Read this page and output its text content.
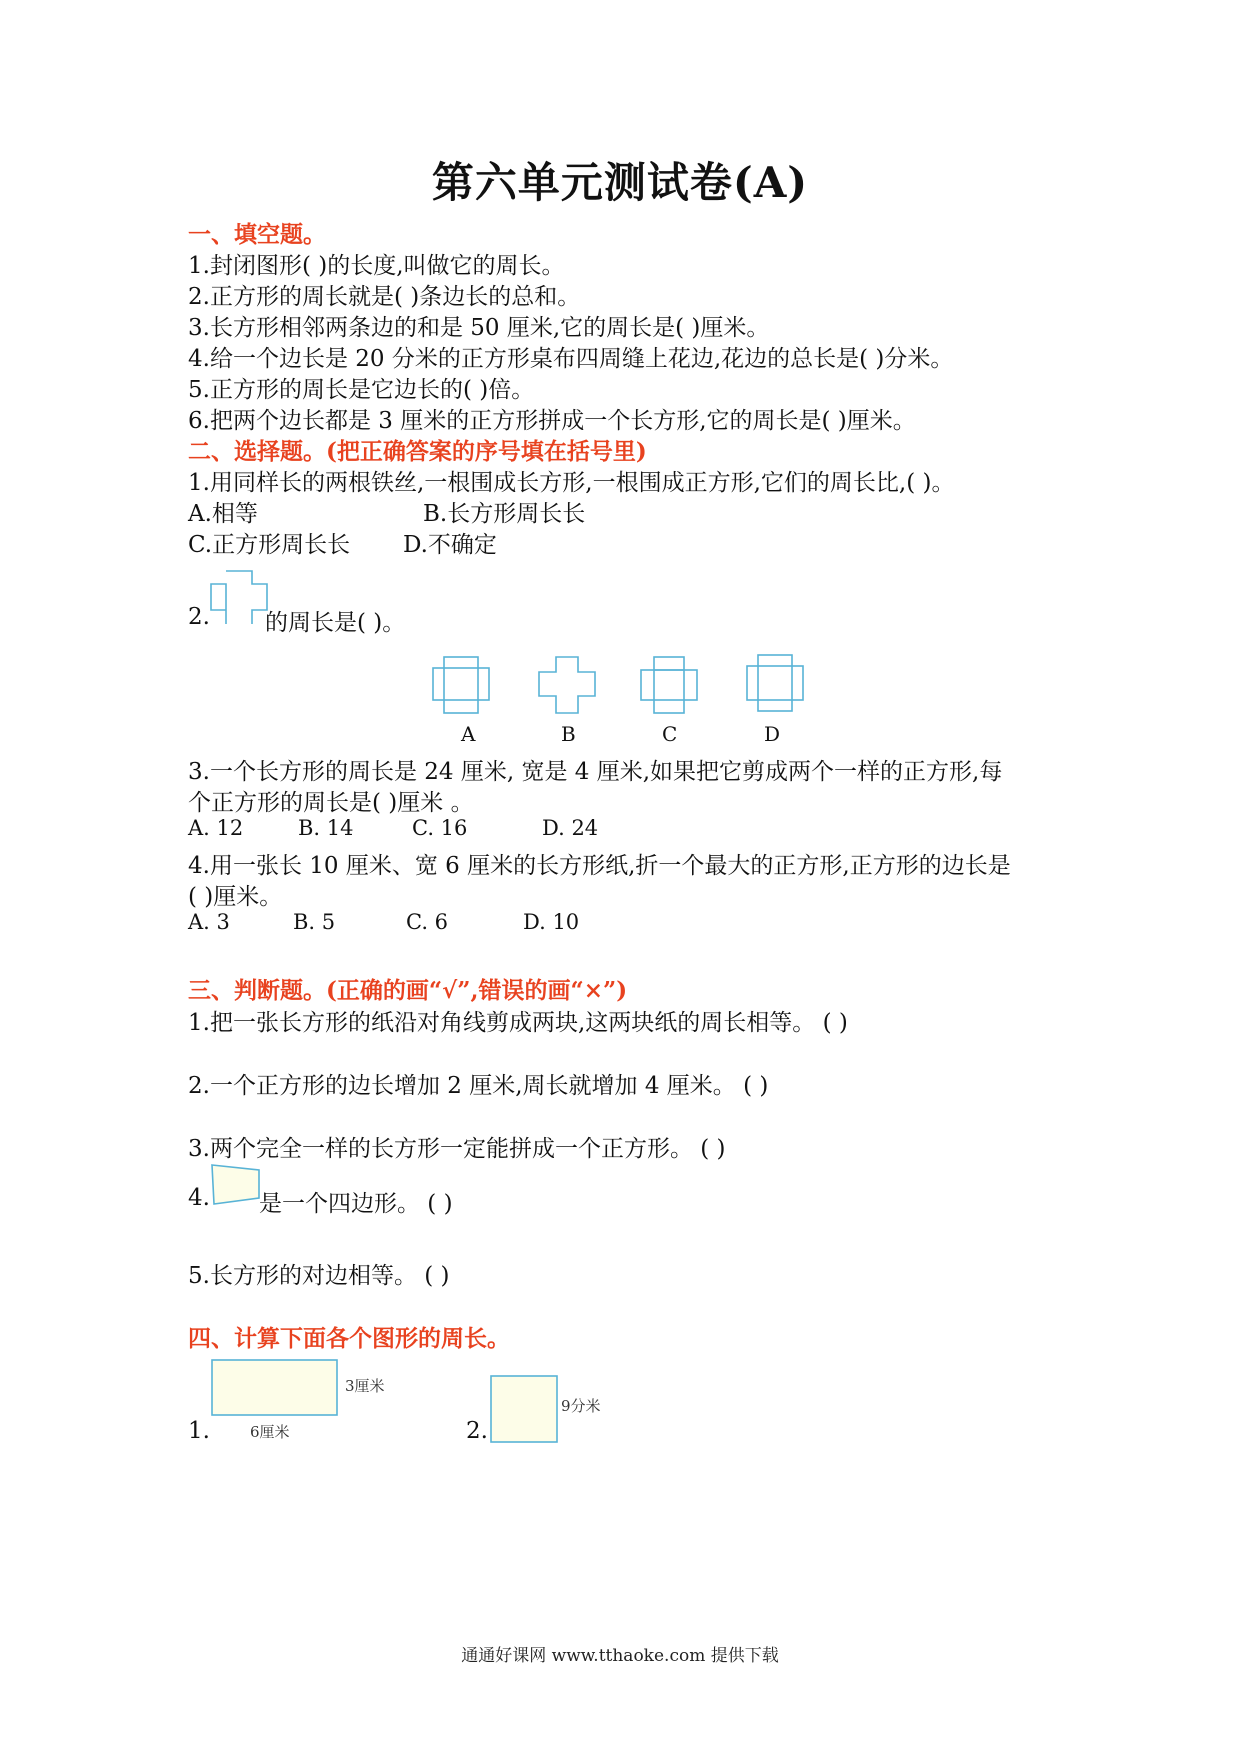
第六单元测试卷(A)
一、填空题。
1.封闭图形( )的长度,叫做它的周长。
2.正方形的周长就是( )条边长的总和。
3.长方形相邻两条边的和是 50 厘米,它的周长是( )厘米。
4.给一个边长是 20 分米的正方形桌布四周缝上花边,花边的总长是( )分米。
5.正方形的周长是它边长的( )倍。
6.把两个边长都是 3 厘米的正方形拼成一个长方形,它的周长是( )厘米。
二、选择题。(把正确答案的序号填在括号里)
1.用同样长的两根铁丝,一根围成长方形,一根围成正方形,它们的周长比,( )。
A.相等	B.长方形周长长
C.正方形周长长 D.不确定
2. 的周长是( )。
A	B	C	D
3.一个长方形的周长是 24 厘米, 宽是 4 厘米,如果把它剪成两个一样的正方形,每
个正方形的周长是( )厘米 。
A. 12	B. 14	C. 16	D. 24
4.用一张长 10 厘米、宽 6 厘米的长方形纸,折一个最大的正方形,正方形的边长是
( )厘米。
A. 3	B. 5	C. 6	D. 10
三、判断题。(正确的画“√”,错误的画“×”)
1.把一张长方形的纸沿对角线剪成两块,这两块纸的周长相等。 ( )
2.一个正方形的边长增加 2 厘米,周长就增加 4 厘米。 ( )
3.两个完全一样的长方形一定能拼成一个正方形。 ( )
4. 是一个四边形。 ( )
5.长方形的对边相等。 ( )
四、计算下面各个图形的周长。
3厘米
6厘米
1.
9分米
2.
通通好课网 www.tthaoke.com 提供下载
